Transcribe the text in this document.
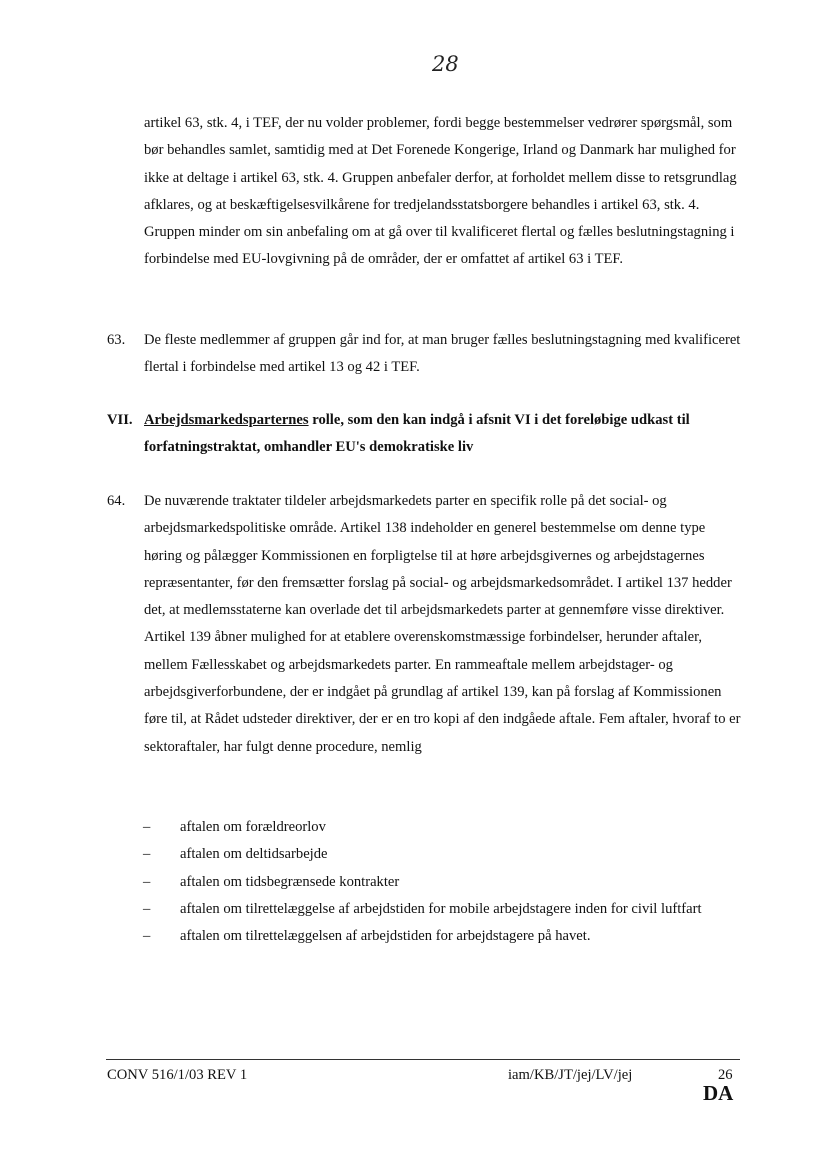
28

artikel 63, stk. 4, i TEF, der nu volder problemer, fordi begge bestemmelser vedrører spørgsmål, som bør behandles samlet, samtidig med at Det Forenede Kongerige, Irland og Danmark har mulighed for ikke at deltage i artikel 63, stk. 4. Gruppen anbefaler derfor, at forholdet mellem disse to retsgrundlag afklares, og at beskæftigelsesvilkårene for tredjelandsstatsborgere behandles i artikel 63, stk. 4. Gruppen minder om sin anbefaling om at gå over til kvalificeret flertal og fælles beslutningstagning i forbindelse med EU-lovgivning på de områder, der er omfattet af artikel 63 i TEF.

63. De fleste medlemmer af gruppen går ind for, at man bruger fælles beslutningstagning med kvalificeret flertal i forbindelse med artikel 13 og 42 i TEF.

VII. Arbejdsmarkedsparternes rolle, som den kan indgå i afsnit VI i det foreløbige udkast til forfatningstraktat, omhandler EU's demokratiske liv

64. De nuværende traktater tildeler arbejdsmarkedets parter en specifik rolle på det social- og arbejdsmarkedspolitiske område. Artikel 138 indeholder en generel bestemmelse om denne type høring og pålægger Kommissionen en forpligtelse til at høre arbejdsgivernes og arbejdstagernes repræsentanter, før den fremsætter forslag på social- og arbejdsmarkedsområdet. I artikel 137 hedder det, at medlemsstaterne kan overlade det til arbejdsmarkedets parter at gennemføre visse direktiver. Artikel 139 åbner mulighed for at etablere overenskomstmæssige forbindelser, herunder aftaler, mellem Fællesskabet og arbejdsmarkedets parter. En rammeaftale mellem arbejdstager- og arbejdsgiverforbundene, der er indgået på grundlag af artikel 139, kan på forslag af Kommissionen føre til, at Rådet udsteder direktiver, der er en tro kopi af den indgåede aftale. Fem aftaler, hvoraf to er sektoraftaler, har fulgt denne procedure, nemlig

– aftalen om forældreorlov
– aftalen om deltidsarbejde
– aftalen om tidsbegrænsede kontrakter
– aftalen om tilrettelæggelse af arbejdstiden for mobile arbejdstagere inden for civil luftfart
– aftalen om tilrettelæggelsen af arbejdstiden for arbejdstagere på havet.
CONV 516/1/03 REV 1	iam/KB/JT/jej/LV/jej	26
DA
